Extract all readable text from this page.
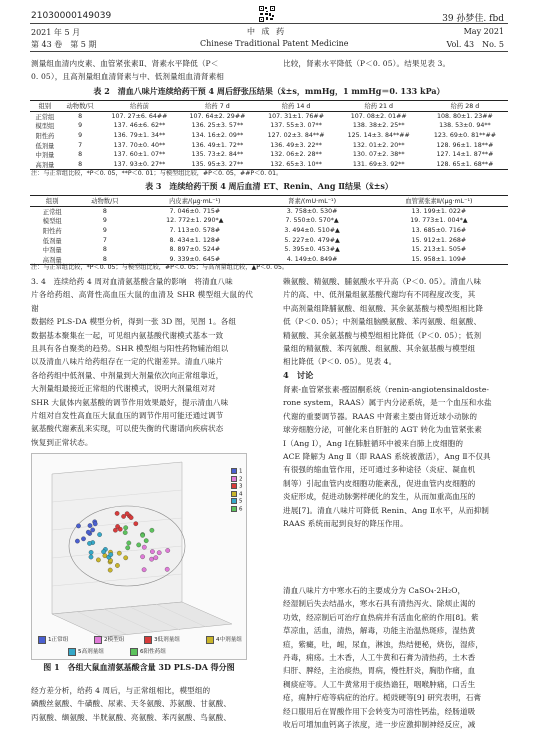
21030000149039	39 孙梦佳. fbd
2021 年 5 月	中 成 药	May 2021
第 43 卷　第 5 期	Chinese Traditional Patent Medicine	Vol. 43　No. 5

测量组血清内皮素、血管紧张素Ⅱ、肾素水平降低（P＜

0. 05），且高剂量组血清肾素与中、低剂量组血清肾素相

比较，肾素水平降低（P＜0. 05）。结果见表 3。

表 2　清血八味片连续给药干预 4 周后舒张压结果（x̄±s，mmHg，1 mmHg＝0. 133 kPa）
组别	动物数/只	给药前	给药 7 d	给药 14 d	给药 21 d	给药 28 d
正常组	8	107. 27±6. 64##	107. 64±2. 29##	107. 31±1. 76##	107. 08±2. 01##	108. 80±1. 23##
模型组	9	137. 46±6. 62**	136. 25±3. 57**	137. 55±3. 07**	138. 38±2. 25**	138. 53±0. 94**
阳性药	9	136. 79±1. 34**	134. 16±2. 09**	127. 02±3. 84**#	125. 14±3. 84**##	123. 69±0. 81**##
低剂量	7	137. 70±0. 40**	136. 49±1. 72**	136. 49±3. 22**	132. 01±2. 20**	128. 96±1. 18**#
中剂量	8	137. 60±1. 07**	135. 73±2. 84**	132. 06±2. 28**	130. 07±2. 38**	127. 14±1. 87**#
高剂量	8	137. 93±0. 27**	135. 95±3. 27**	132. 65±3. 10**	131. 69±3. 92**	128. 65±1. 68**#
注：与正常组比较，*P＜0. 05，**P＜0. 01；与模型组比较，#P＜0. 05，##P＜0. 01。
表 3　连续给药干预 4 周后血清 ET、Renin、Ang Ⅱ结果（x̄±s）
组别	动物数/只	内皮素/(μg·mL⁻¹)	肾素/(mU·mL⁻¹)	血管紧张素Ⅱ/(μg·mL⁻¹)
正常组	8	7. 046±0. 715#	3. 758±0. 530#	13. 199±1. 022#
模型组	9	12. 772±1. 290*▲	7. 550±0. 570*▲	19. 773±1. 004*▲
阳性药	9	7. 113±0. 578#	3. 494±0. 510#▲	13. 685±0. 716#
低剂量	7	8. 434±1. 128#	5. 227±0. 479#▲	15. 912±1. 268#
中剂量	8	8. 897±0. 524#	5. 395±0. 453#▲	15. 213±1. 505#
高剂量	8	9. 339±0. 645#	4. 149±0. 849#	15. 958±1. 109#
注：与正常组比较，*P＜0. 05；与模型组比较，#P＜0. 05；与高剂量组比较，▲P＜0. 05。

3. 4　连续给药 4 周对血清氨基酸含量的影响　将清血八味

片各给药组、高肾性高血压大鼠的血清及 SHR 模型组大鼠的代谢

数据经 PLS-DA 模型分析，得到一张 3D 图，见图 1。各组

数据基本聚集在一起，可见组内氨基酸代谢模式基本一致

且具有各自聚类的趋势。SHR 模型组与阳性药物辅治组以

以及清血八味片给药组存在一定的代谢差异。清血八味片

各给药组中低剂量、中剂量到大剂量依次向正常组靠近，

大剂量组最接近正常组的代谢模式，说明大剂量组对对

SHR 大鼠体内氨基酸的调节作用效果最好，提示清血八味

片组对自发性高血压大鼠血压的调节作用可能还通过调节

氨基酸代谢紊乱来实现，可以使失衡的代谢谱向疾病状态

恢复到正常状态。

1
2
3
4
5
6
1正常组	2模型组	3低剂量组	4中剂量组
5高剂量组	6阳性药组
图 1　各组大鼠血清氨基酸含量 3D PLS-DA 得分图

经方差分析，给药 4 周后，与正常组相比，模型组的

磷酸丝氨酸、牛磺酸、尿素、天冬氨酸、苏氨酸、甘氨酸、

丙氨酸、缬氨酸、半胱氨酸、亮氨酸、苯丙氨酸、鸟氨酸、

赖氨酸、精氨酸、脯氨酸水平升高（P＜0. 05）。清血八味

片的高、中、低剂量组氨基酸代谢均有不同程度改变，其

中高剂量组降脯氨酸、组氨酸、其余氨基酸与模型组相比降

低（P＜0. 05）；中剂量组脑酰氨酸、苯丙氨酸、组氨酸、

精氨酸、其余氨基酸与模型组相比降低（P＜0. 05）；低剂

量组的精氨酸、苯丙氨酸、组氨酸、其余氨基酸与模型组

相比降低（P＜0. 05）。见表 4。

4　讨论

肾素-血管紧张素-醛固酮系统（renin-angiotensinaldoste-

rone system，RAAS）属于内分泌系统，是一个血压和水盐

代谢的重要调节器。RAAS 中肾素主要由肾近球小动脉的

球旁细胞分泌，可催化来自肝脏的 AGT 转化为血管紧张素

Ⅰ（Ang Ⅰ），Ang Ⅰ在肺脏循环中被来自肺上皮细胞的

ACE 降解为 Ang Ⅱ（即 RAAS 系统被激活），Ang Ⅱ不仅具

有很强的缩血管作用，还可通过多种途径（炎症、凝血机

制等）引起血管内皮细胞功能紊乱，促进血管内皮细胞的

炎症形成，促进动脉粥样硬化的发生，从而加重高血压的

进展[7]。清血八味片可降低 Renin、Ang Ⅱ水平，从而抑制

RAAS 系统而起到良好的降压作用。

清血八味片方中寒水石的主要成分为 CaSO₄·2H₂O，

经湿制后失去结晶水，寒水石具有清热泻火、除烦止渴的

功效，经凉制后可治疗血热病并有活血化瘀的作用[8]。紫

草凉血，活血，清热，解毒，功能主治温热斑疹，湿热黄

疸，紫癜，吐，衄，尿血，淋浊，热结便秘，烧伤，湿疹，

丹毒，痈疡。土木香，人工牛黄和石膏为清热药，土木香

归肝、脾经，主治痰热，胃病，慢性肝炎，胸肋作痛，血

稠痰症等。人工牛黄常用于痰热谵狂，咽喉肿痛，口舌生

疮，痈肿疔疮等病症的治疗。栀豉硬等[9] 研究表明，石膏

经口服用后在胃酸作用下会转变为可溶性钙盐，经肠道吸

收后可增加血钙离子浓度，进一步应激抑制神经反应，减
